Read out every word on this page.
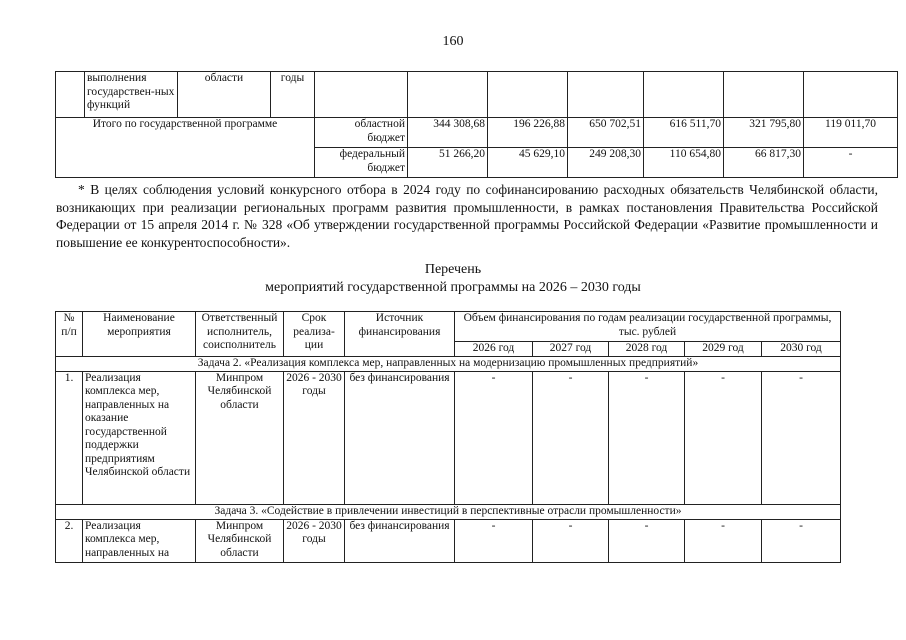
160
	выполнения государствен-ных функций	области	годы							
Итого по государственной программе				областной бюджет	344 308,68	196 226,88	650 702,51	616 511,70	321 795,80	119 011,70
				федеральный бюджет	51 266,20	45 629,10	249 208,30	110 654,80	66 817,30	-
* В целях соблюдения условий конкурсного отбора в 2024 году по софинансированию расходных обязательств Челябинской области, возникающих при реализации региональных программ развития промышленности, в рамках постановления Правительства Российской Федерации от 15 апреля 2014 г. № 328 «Об утверждении государственной программы Российской Федерации «Развитие промышленности и повышение ее конкурентоспособности».
Перечень
мероприятий государственной программы на 2026 – 2030 годы
№ п/п	Наименование мероприятия	Ответственный исполнитель, соисполнитель	Срок реализа-ции	Источник финансирования	Объем финансирования по годам реализации государственной программы, тыс. рублей				
					2026 год	2027 год	2028 год	2029 год	2030 год
Задача 2. «Реализация комплекса мер, направленных на модернизацию промышленных предприятий»									
1.	Реализация комплекса мер, направленных на оказание государственной поддержки предприятиям Челябинской области	Минпром Челябинской области	2026 - 2030 годы	без финансирования	-	-	-	-	-
Задача 3. «Содействие в привлечении инвестиций в перспективные отрасли промышленности»									
2.	Реализация комплекса мер, направленных на	Минпром Челябинской области	2026 - 2030 годы	без финансирования	-	-	-	-	-
